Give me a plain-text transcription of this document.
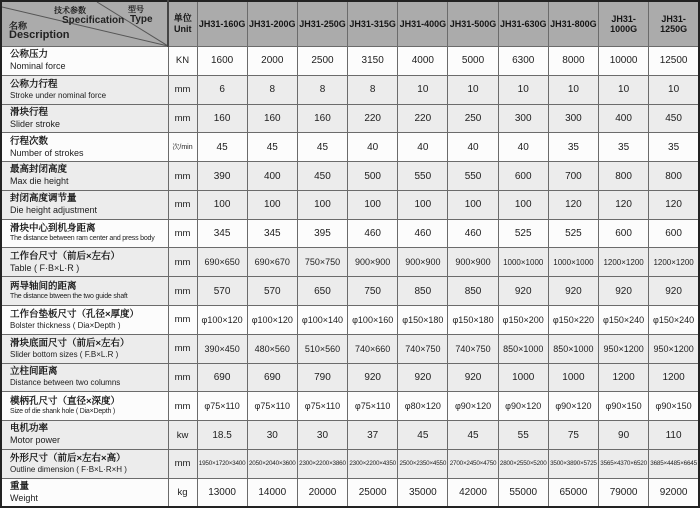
技术参数
Specification
型号
Type
名称
Description

单位
Unit	JH31-160G	JH31-200G	JH31-250G	JH31-315G	JH31-400G	JH31-500G	JH31-630G	JH31-800G	JH31-1000G	JH31-1250G

公称压力
Nominal force	KN	1600	2000	2500	3150	4000	5000	6300	8000	10000	12500

公称力行程
Stroke under nominal force	mm	6	8	8	8	10	10	10	10	10	10

滑块行程
Slider stroke	mm	160	160	160	220	220	250	300	300	400	450

行程次数
Number of strokes	次/min	45	45	45	40	40	40	40	35	35	35

最高封闭高度
Max die height	mm	390	400	450	500	550	550	600	700	800	800

封闭高度调节量
Die height adjustment	mm	100	100	100	100	100	100	100	120	120	120

滑块中心到机身距离
The distance between ram center and press body	mm	345	345	395	460	460	460	525	525	600	600

工作台尺寸（前后×左右）
Table ( F·B×L·R )	mm	690×650	690×670	750×750	900×900	900×900	900×900	1000×1000	1000×1000	1200×1200	1200×1200

两导轴间的距离
The distance btween the two guide shaft	mm	570	570	650	750	850	850	920	920	920	920

工作台垫板尺寸（孔径×厚度）
Bolster thickness ( Dia×Depth )	mm	φ100×120	φ100×120	φ100×140	φ100×160	φ150×180	φ150×180	φ150×200	φ150×220	φ150×240	φ150×240

滑块底面尺寸（前后×左右）
Slider bottom sizes ( F.B×L.R )	mm	390×450	480×560	510×560	740×660	740×750	740×750	850×1000	850×1000	950×1200	950×1200

立柱间距离
Distance between two columns	mm	690	690	790	920	920	920	1000	1000	1200	1200

模柄孔尺寸（直径×深度）
Size of die shank hole ( Dia×Depth )	mm	φ75×110	φ75×110	φ75×110	φ75×110	φ80×120	φ90×120	φ90×120	φ90×120	φ90×150	φ90×150

电机功率
Motor power	kw	18.5	30	30	37	45	45	55	75	90	110

外形尺寸（前后×左右×高）
Outline dimension ( F·B×L·R×H )	mm	1950×1720×3400	2050×2040×3600	2300×2200×3860	2300×2200×4350	2500×2350×4550	2700×2450×4750	2800×2550×5200	3500×3890×5725	3565×4370×6520	3685×4485×6645

重量
Weight	kg	13000	14000	20000	25000	35000	42000	55000	65000	79000	92000
